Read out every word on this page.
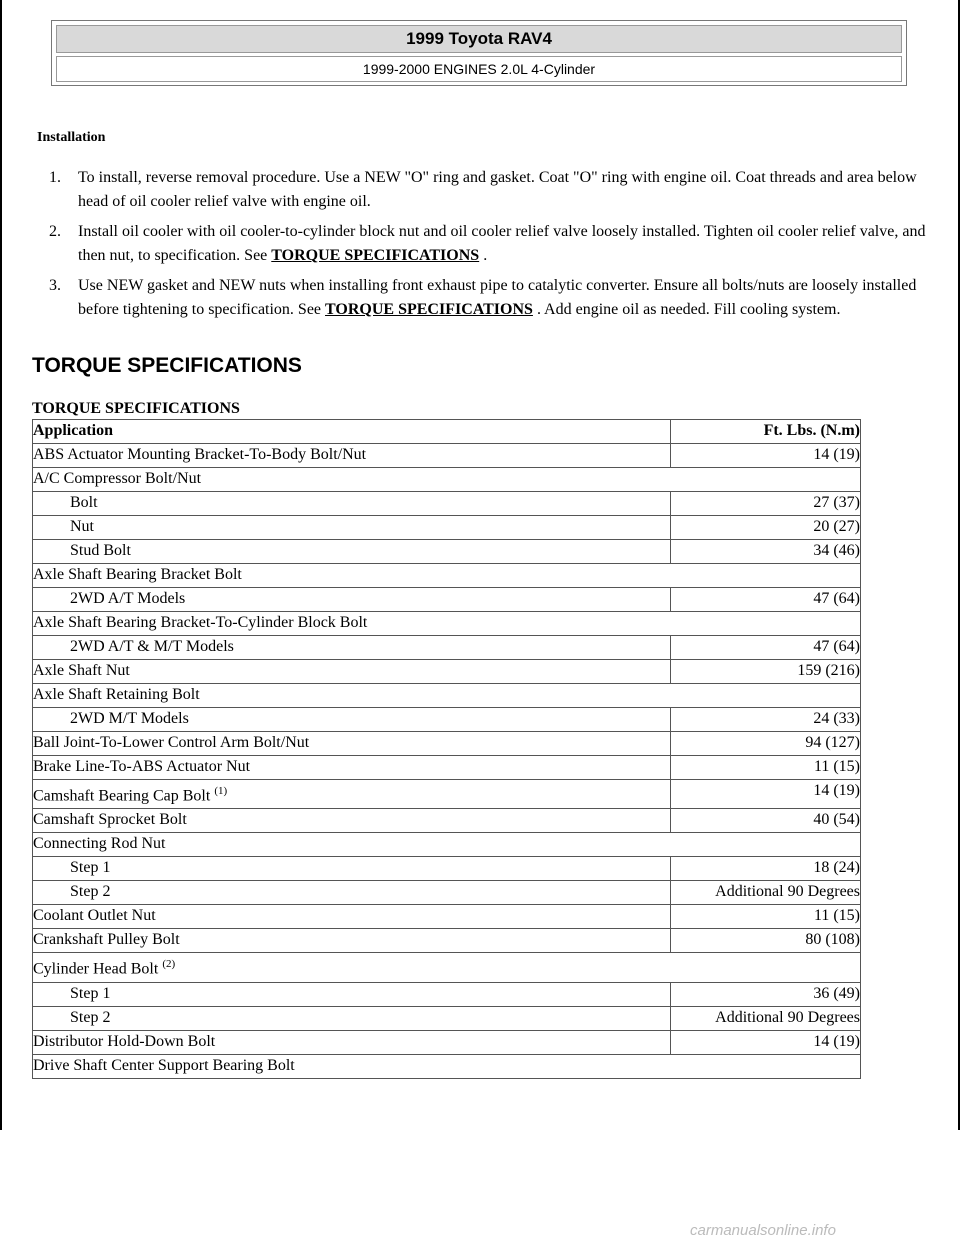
1999 Toyota RAV4
1999-2000 ENGINES 2.0L 4-Cylinder
Installation
1. To install, reverse removal procedure. Use a NEW "O" ring and gasket. Coat "O" ring with engine oil. Coat threads and area below head of oil cooler relief valve with engine oil.
2. Install oil cooler with oil cooler-to-cylinder block nut and oil cooler relief valve loosely installed. Tighten oil cooler relief valve, and then nut, to specification. See TORQUE SPECIFICATIONS .
3. Use NEW gasket and NEW nuts when installing front exhaust pipe to catalytic converter. Ensure all bolts/nuts are loosely installed before tightening to specification. See TORQUE SPECIFICATIONS . Add engine oil as needed. Fill cooling system.
TORQUE SPECIFICATIONS
TORQUE SPECIFICATIONS
Application	Ft. Lbs. (N.m)
ABS Actuator Mounting Bracket-To-Body Bolt/Nut	14 (19)
A/C Compressor Bolt/Nut	
Bolt	27 (37)
Nut	20 (27)
Stud Bolt	34 (46)
Axle Shaft Bearing Bracket Bolt	
2WD A/T Models	47 (64)
Axle Shaft Bearing Bracket-To-Cylinder Block Bolt	
2WD A/T & M/T Models	47 (64)
Axle Shaft Nut	159 (216)
Axle Shaft Retaining Bolt	
2WD M/T Models	24 (33)
Ball Joint-To-Lower Control Arm Bolt/Nut	94 (127)
Brake Line-To-ABS Actuator Nut	11 (15)
Camshaft Bearing Cap Bolt $^{(1)}$	14 (19)
Camshaft Sprocket Bolt	40 (54)
Connecting Rod Nut	
Step 1	18 (24)
Step 2	Additional 90 Degrees
Coolant Outlet Nut	11 (15)
Crankshaft Pulley Bolt	80 (108)
Cylinder Head Bolt $^{(2)}$
Step 1	36 (49)
Step 2	Additional 90 Degrees
Distributor Hold-Down Bolt	14 (19)
Drive Shaft Center Support Bearing Bolt	
carmanualsonline.info
